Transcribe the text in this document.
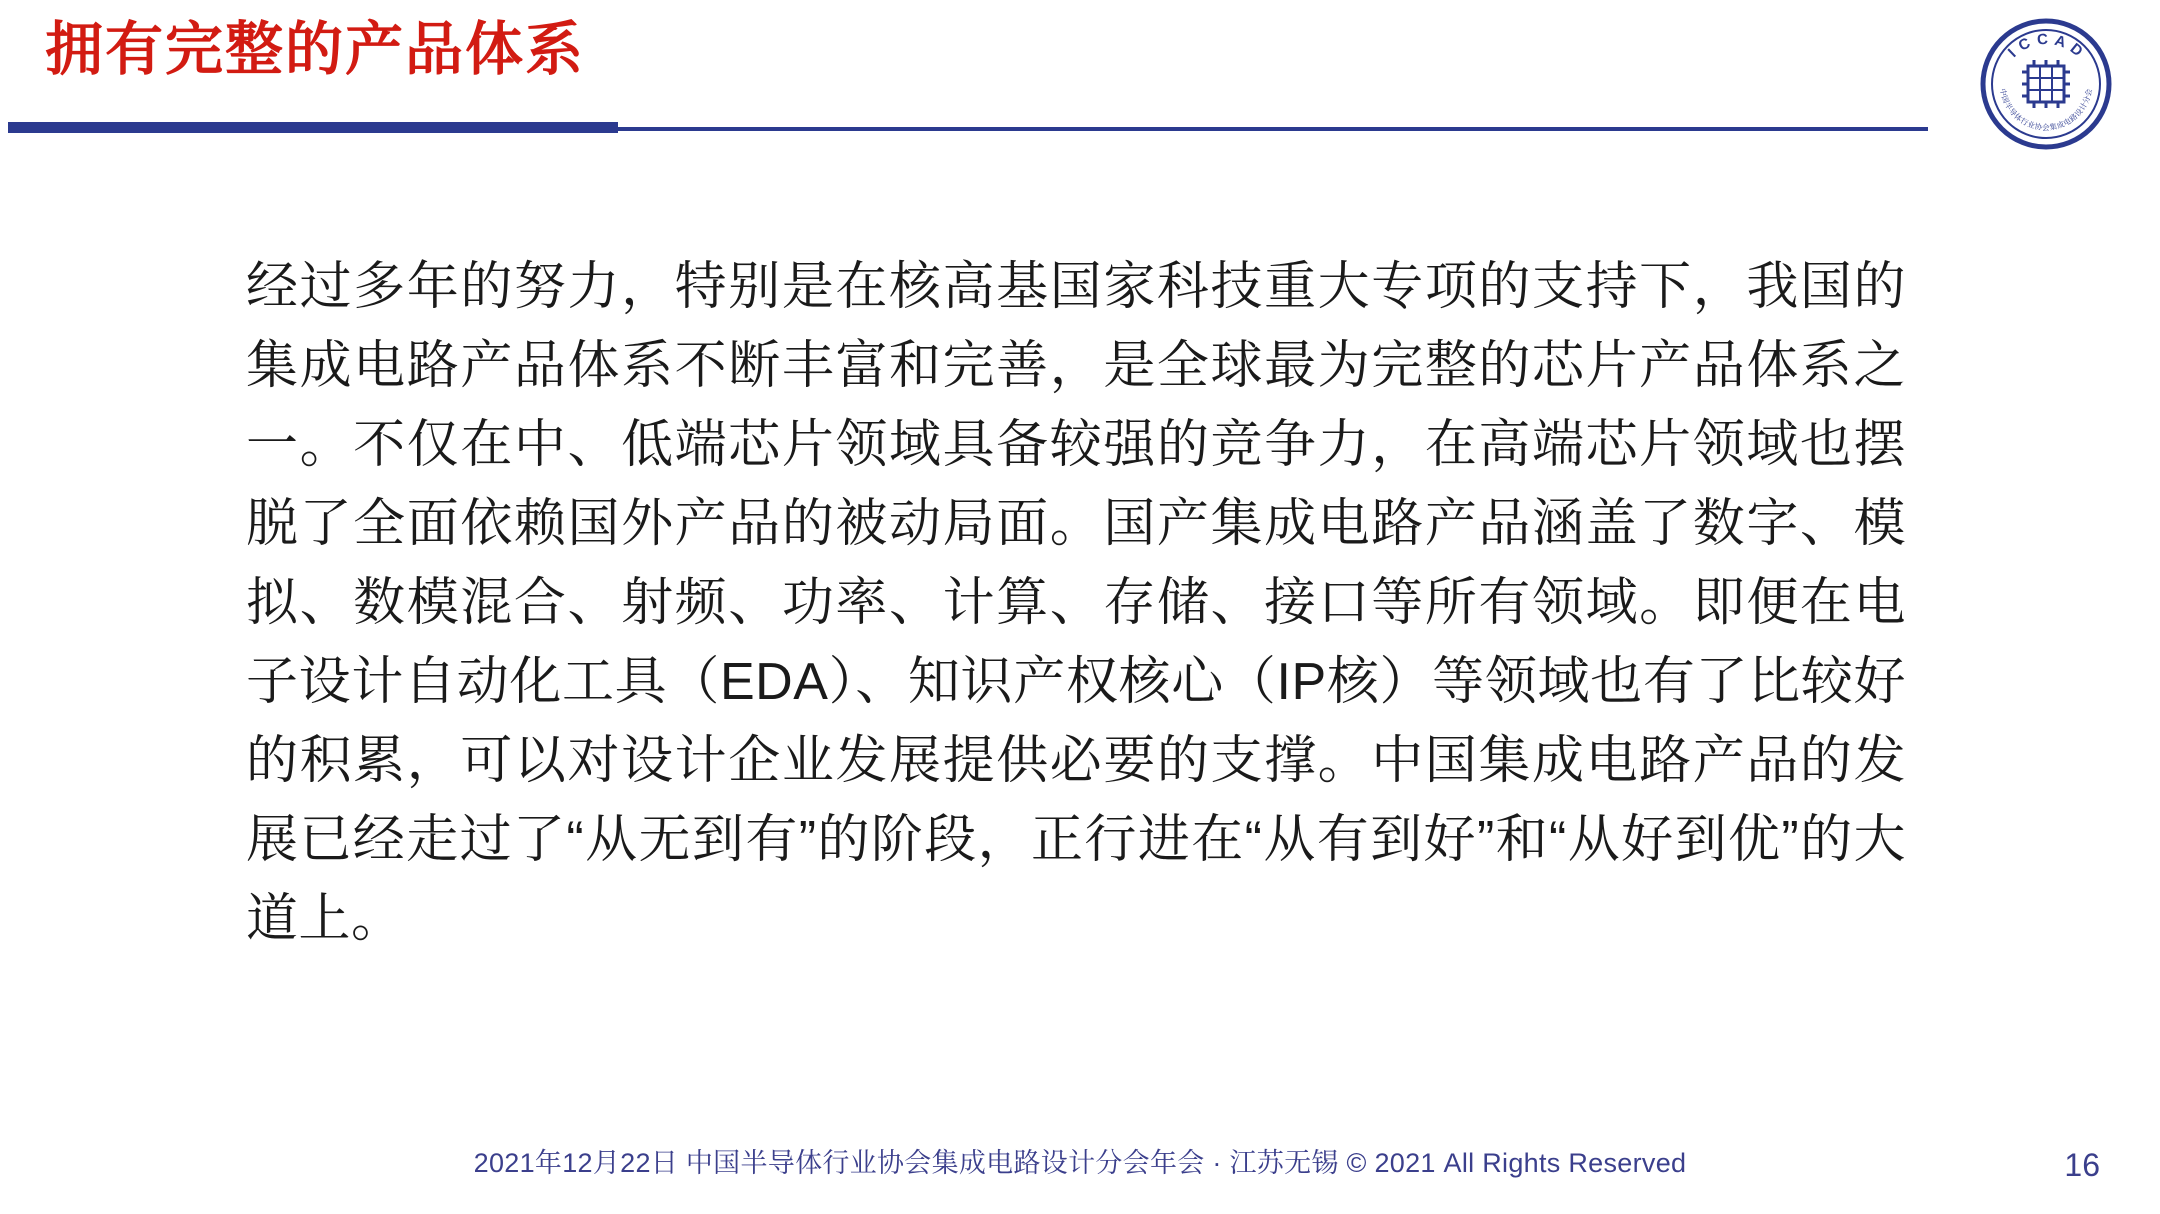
拥有完整的产品体系	I C C A D
中国半导体行业协会集成电路设计分会
经过多年的努力，特别是在核高基国家科技重大专项的支持下，我国的集成电路产品体系不断丰富和完善，是全球最为完整的芯片产品体系之一。不仅在中、低端芯片领域具备较强的竞争力，在高端芯片领域也摆脱了全面依赖国外产品的被动局面。国产集成电路产品涵盖了数字、模拟、数模混合、射频、功率、计算、存储、接口等所有领域。即便在电子设计自动化工具（EDA）、知识产权核心（IP核）等领域也有了比较好的积累，可以对设计企业发展提供必要的支撑。中国集成电路产品的发展已经走过了“从无到有”的阶段，正行进在“从有到好”和“从好到优”的大道上。
2021年12月22日 中国半导体行业协会集成电路设计分会年会 · 江苏无锡 © 2021 All Rights Reserved	16
